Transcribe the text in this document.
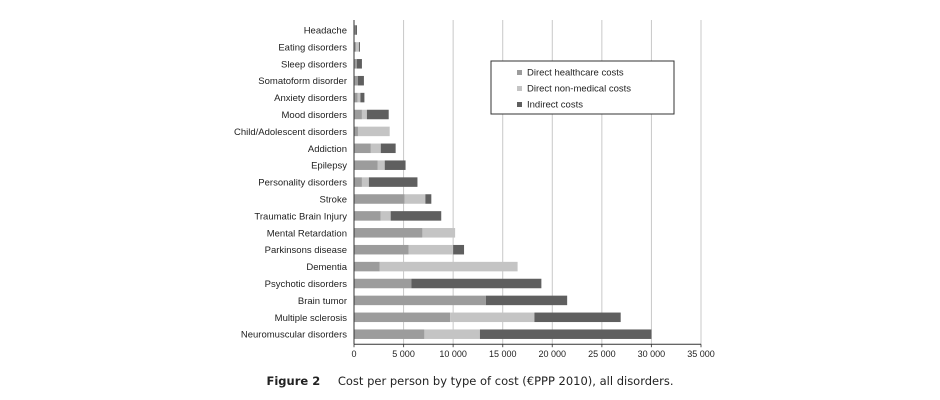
0	5 000	10 000 15 000 20 000 25 000 30 000 35 000
Headache
Eating disorders
Sleep disorders
Somatoform disorder
Anxiety disorders
Mood disorders
Child/Adolescent disorders
Addiction
Epilepsy
Personality disorders
Stroke
Traumatic Brain Injury
Mental Retardation
Parkinsons disease
Dementia
Psychotic disorders
Brain tumor
Multiple sclerosis
Neuromuscular disorders
Direct healthcare costs
Direct non-medical costs
Indirect costs
Figure 2 Cost per person by type of cost (€PPP 2010), all disorders.
